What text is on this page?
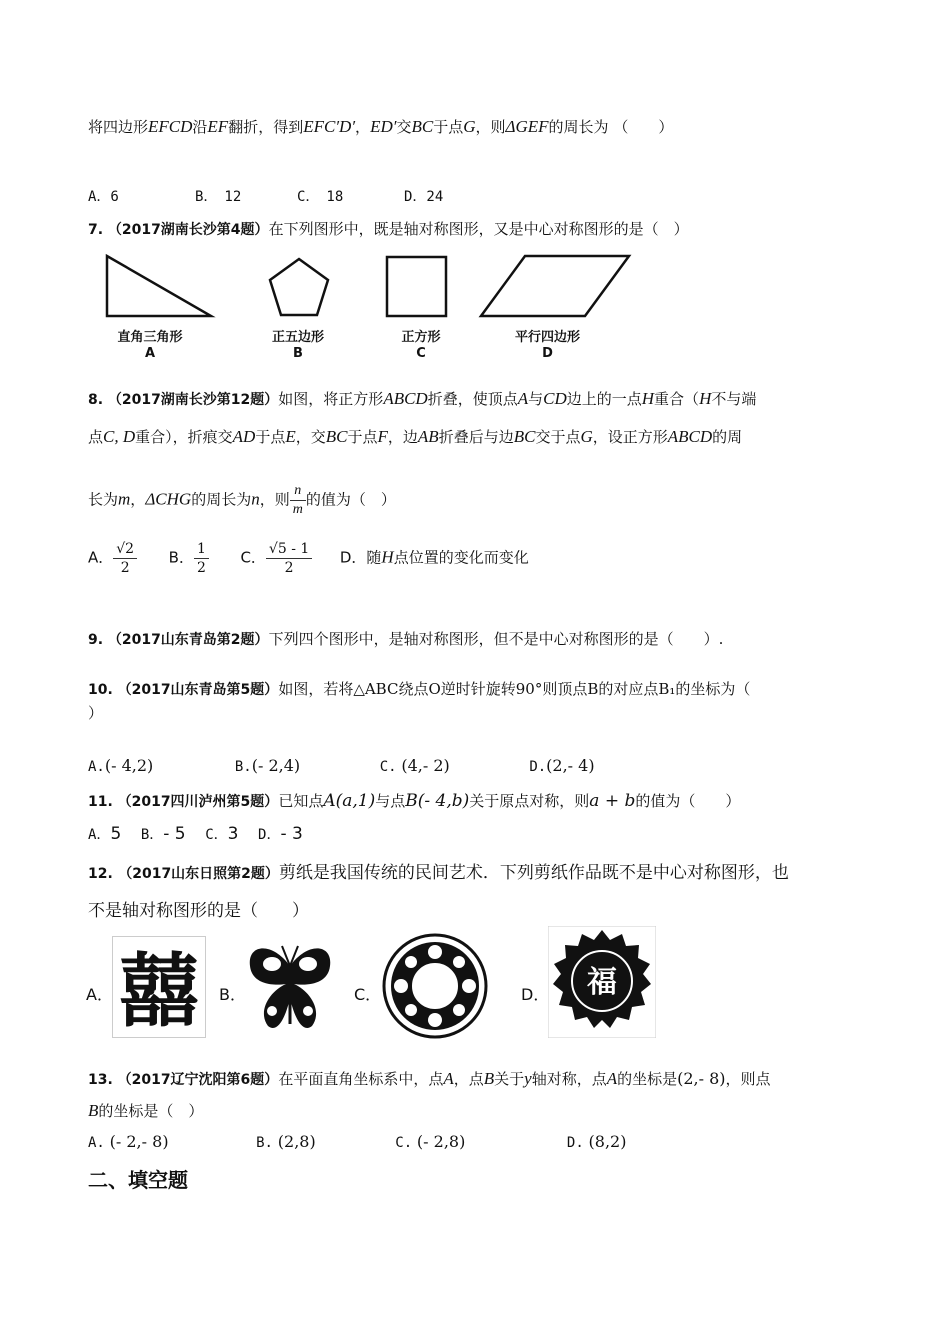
将四边形EFCD沿EF翻折，得到EFC′D′，ED′交BC于点G，则ΔGEF的周长为 （　　）
A．6	B．　12	C．　18	D．24
7. （2017湖南长沙第4题）在下列图形中，既是轴对称图形，又是中心对称图形的是（　）
直角三角形
A
正五边形
B
正方形
C
平行四边形
D
8. （2017湖南长沙第12题）如图，将正方形ABCD折叠，使顶点A与CD边上的一点H重合（H不与端
点C, D重合），折痕交AD于点E，交BC于点F，边AB折叠后与边BC交于点G，设正方形ABCD的周
长为m，ΔCHG的周长为n，则 $\frac{n}{m}$ 的值为（　）
A． $\frac{√2}{2}$ B． $\frac{1}{2}$ C． $\frac{√5 - 1}{2}$ D．随H点位置的变化而变化
9. （2017山东青岛第2题）下列四个图形中，是轴对称图形，但不是中心对称图形的是（　　）.
10. （2017山东青岛第5题）如图，若将△ABC绕点O逆时针旋转90°则顶点B的对应点B₁的坐标为（
）
A.(- 4,2)	B.(- 2,4)	C. (4,- 2)	D.(2,- 4)
11. （2017四川泸州第5题）已知点A(a,1)与点B(- 4,b)关于原点对称，则a + b的值为（　　）
A．5 B．- 5 C．3 D．- 3
12. （2017山东日照第2题）剪纸是我国传统的民间艺术．下列剪纸作品既不是中心对称图形，也
不是轴对称图形的是（　　）
A． 囍 B．	C．	D． 福
13. （2017辽宁沈阳第6题）在平面直角坐标系中，点A，点B关于y轴对称，点A的坐标是(2,- 8)，则点
B的坐标是（　）
A. (- 2,- 8)	B. (2,8)	C. (- 2,8)	D. (8,2)
二、填空题
